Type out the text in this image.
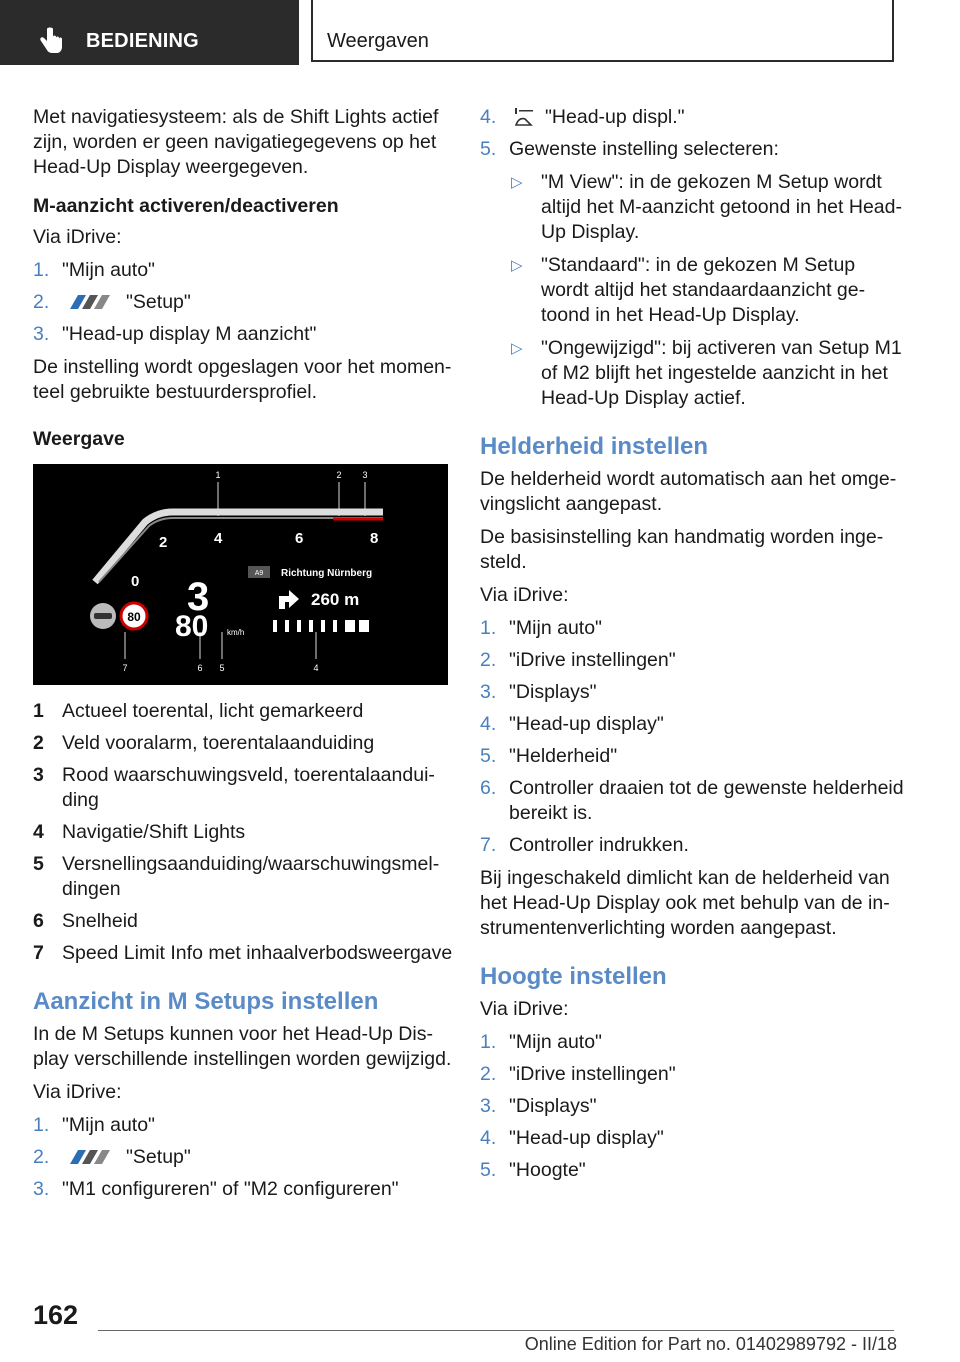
BEDIENING	Weergaven

Met navigatiesysteem: als de Shift Lights actief zijn, worden er geen navigatiegegevens op het Head-Up Display weergegeven.

M-aanzicht activeren/deactiveren

Via iDrive:

1. "Mijn auto"
2.	"Setup"
3. "Head-up display M aanzicht"

De instelling wordt opgeslagen voor het momenteel gebruikte bestuurdersprofiel.

Weergave
1	2 3
7	6 5	4
0
2	4	6	8
3
80 km/h
80
A9 Richtung Nürnberg
260 m
1 Actueel toerental, licht gemarkeerd
2 Veld vooralarm, toerentalaanduiding
3 Rood waarschuwingsveld, toerentalaanduiding
4 Navigatie/Shift Lights
5 Versnellingsaanduiding/waarschuwingsmeldingen
6 Snelheid
7 Speed Limit Info met inhaalverbodsweergave
Aanzicht in M Setups instellen

In de M Setups kunnen voor het Head-Up Display verschillende instellingen worden gewijzigd.

Via iDrive:

1. "Mijn auto"
2.	"Setup"
3. "M1 configureren" of "M2 configureren"
4.	"Head-up displ."
5. Gewenste instelling selecteren:
▷ "M View": in de gekozen M Setup wordt altijd het M-aanzicht getoond in het Head-Up Display.
▷ "Standaard": in de gekozen M Setup wordt altijd het standaardaanzicht getoond in het Head-Up Display.
▷ "Ongewijzigd": bij activeren van Setup M1 of M2 blijft het ingestelde aanzicht in het Head-Up Display actief.
Helderheid instellen

De helderheid wordt automatisch aan het omgevingslicht aangepast.

De basisinstelling kan handmatig worden ingesteld.

Via iDrive:

1. "Mijn auto"
2. "iDrive instellingen"
3. "Displays"
4. "Head-up display"
5. "Helderheid"
6. Controller draaien tot de gewenste helderheid bereikt is.
7. Controller indrukken.

Bij ingeschakeld dimlicht kan de helderheid van het Head-Up Display ook met behulp van de instrumentenverlichting worden aangepast.

Hoogte instellen

Via iDrive:

1. "Mijn auto"
2. "iDrive instellingen"
3. "Displays"
4. "Head-up display"
5. "Hoogte"
162
Online Edition for Part no. 01402989792 - II/18
